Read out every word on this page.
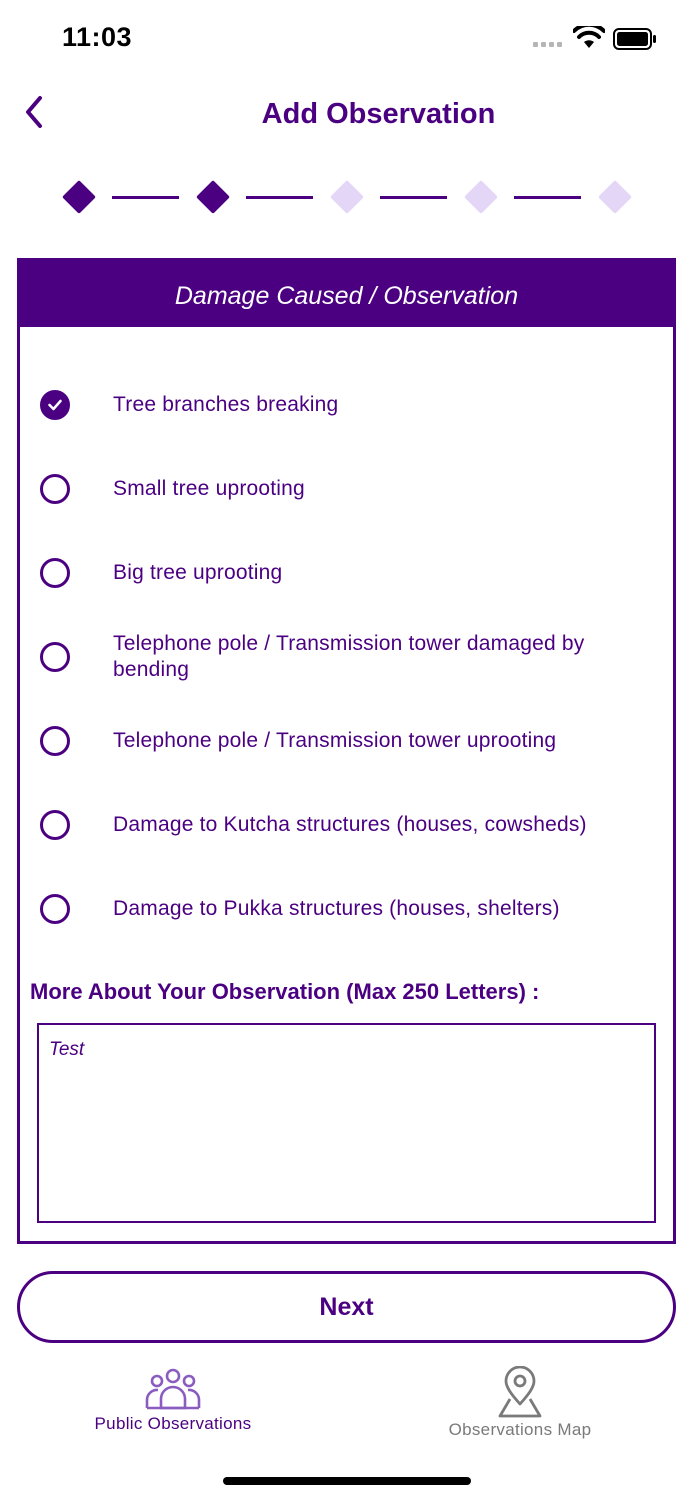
11:03
Add Observation
Damage Caused / Observation
Tree branches breaking
Small tree uprooting
Big tree uprooting
Telephone pole / Transmission tower damaged by bending
Telephone pole / Transmission tower uprooting
Damage to Kutcha structures (houses, cowsheds)
Damage to Pukka structures (houses, shelters)
More About Your Observation (Max 250 Letters) :
Test
Next
Public Observations	Observations Map
